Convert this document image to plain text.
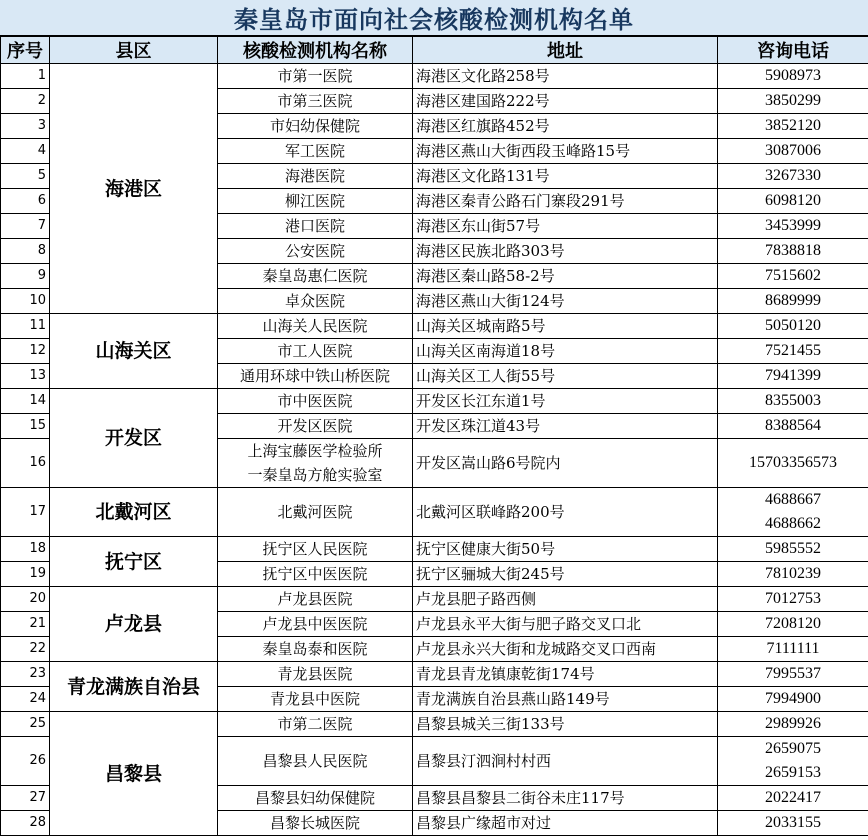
秦皇岛市面向社会核酸检测机构名单
序号	县区	核酸检测机构名称	地址	咨询电话
1	海港区	市第一医院	海港区文化路258号	5908973
2		市第三医院	海港区建国路222号	3850299
3		市妇幼保健院	海港区红旗路452号	3852120
4		军工医院	海港区燕山大街西段玉峰路15号	3087006
5		海港医院	海港区文化路131号	3267330
6		柳江医院	海港区秦青公路石门寨段291号	6098120
7		港口医院	海港区东山街57号	3453999
8		公安医院	海港区民族北路303号	7838818
9		秦皇岛惠仁医院	海港区秦山路58-2号	7515602
10		卓众医院	海港区燕山大街124号	8689999
11	山海关区	山海关人民医院	山海关区城南路5号	5050120
12		市工人医院	山海关区南海道18号	7521455
13		通用环球中铁山桥医院	山海关区工人街55号	7941399
14	开发区	市中医医院	开发区长江东道1号	8355003
15		开发区医院	开发区珠江道43号	8388564
16		上海宝藤医学检验所
一秦皇岛方舱实验室	开发区嵩山路6号院内	15703356573
17	北戴河区	北戴河医院	北戴河区联峰路200号	4688667
4688662

18	抚宁区	抚宁区人民医院	抚宁区健康大街50号	5985552
19		抚宁区中医医院	抚宁区骊城大街245号	7810239
20	卢龙县	卢龙县医院	卢龙县肥子路西侧	7012753
21		卢龙县中医医院	卢龙县永平大街与肥子路交叉口北	7208120
22		秦皇岛泰和医院	卢龙县永兴大街和龙城路交叉口西南	7111111
23	青龙满族自治县	青龙县医院	青龙县青龙镇康乾街174号	7995537
24		青龙县中医院	青龙满族自治县燕山路149号	7994900
25	昌黎县	市第二医院	昌黎县城关三街133号	2989926
26		昌黎县人民医院	昌黎县汀泗涧村村西	2659075
2659153

27		昌黎县妇幼保健院	昌黎县昌黎县二街谷未庄117号	2022417
28		昌黎长城医院	昌黎县广缘超市对过	2033155
